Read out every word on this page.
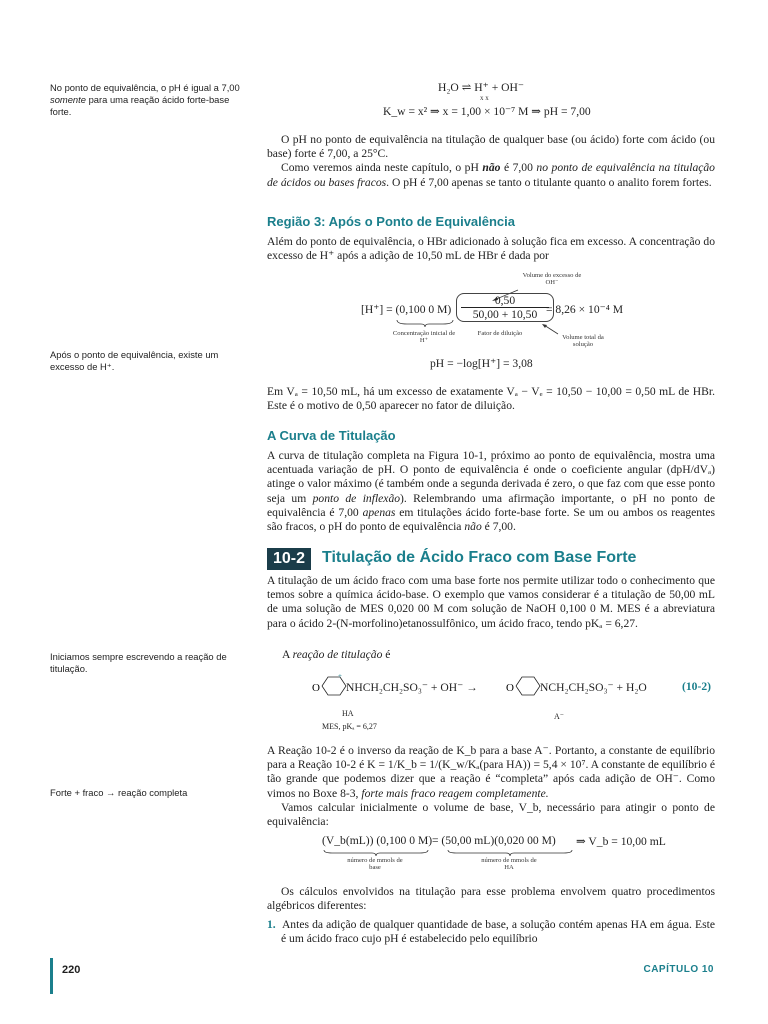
No ponto de equivalência, o pH é igual a 7,00 somente para uma reação ácido forte-base forte.
Após o ponto de equivalência, existe um excesso de H⁺.
Iniciamos sempre escrevendo a reação de titulação.
Forte + fraco → reação completa
H₂O ⇌ H⁺ + OH⁻
x x
K_w = x² ⇒ x = 1,00 × 10⁻⁷ M ⇒ pH = 7,00

O pH no ponto de equivalência na titulação de qualquer base (ou ácido) forte com ácido (ou base) forte é 7,00, a 25°C.

Como veremos ainda neste capítulo, o pH não é 7,00 no ponto de equivalência na titulação de ácidos ou bases fracos. O pH é 7,00 apenas se tanto o titulante quanto o analito forem fortes.

Região 3: Após o Ponto de Equivalência

Além do ponto de equivalência, o HBr adicionado à solução fica em excesso. A concentração do excesso de H⁺ após a adição de 10,50 mL de HBr é dada por

Volume do excesso de OH⁻
[H⁺] = (0,100 0 $M) \frac{0,50}{50,00 + 10,50}$
= 8,26 × 10⁻⁴ M
Concentração inicial de H⁺
Fator de diluição
Volume total da solução
pH = −log[H⁺] = 3,08

Em Vₐ = 10,50 mL, há um excesso de exatamente Vₐ − Vₑ = 10,50 − 10,00 = 0,50 mL de HBr. Este é o motivo de 0,50 aparecer no fator de diluição.

A Curva de Titulação

A curva de titulação completa na Figura 10-1, próximo ao ponto de equivalência, mostra uma acentuada variação de pH. O ponto de equivalência é onde o coeficiente angular (dpH/dVₐ) atinge o valor máximo (é também onde a segunda derivada é zero, o que faz com que esse ponto seja um ponto de inflexão). Relembrando uma afirmação importante, o pH no ponto de equivalência é 7,00 apenas em titulações ácido forte-base forte. Se um ou ambos os reagentes são fracos, o pH do ponto de equivalência não é 7,00.

10-2	Titulação de Ácido Fraco com Base Forte

A titulação de um ácido fraco com uma base forte nos permite utilizar todo o conhecimento que temos sobre a química ácido-base. O exemplo que vamos considerar é a titulação de 50,00 mL de uma solução de MES 0,020 00 M com solução de NaOH 0,100 0 M. MES é a abreviatura para o ácido 2-(N-morfolino)etanossulfônico, um ácido fraco, tendo pKₐ = 6,27.

A reação de titulação é

O
+
NHCH₂CH₂SO₃⁻ + OH⁻ →	O NCH₂CH₂SO₃⁻ + H₂O	(10-2)
HA
MES, pKₐ = 6,27
A⁻

A Reação 10-2 é o inverso da reação de K_b para a base A⁻. Portanto, a constante de equilíbrio para a Reação 10-2 é K = 1/K_b = 1/(K_w/Kₐ(para HA)) = 5,4 × 10⁷. A constante de equilíbrio é tão grande que podemos dizer que a reação é “completa” após cada adição de OH⁻. Como vimos no Boxe 8-3, forte mais fraco reagem completamente.

Vamos calcular inicialmente o volume de base, V_b, necessário para atingir o ponto de equivalência:

(V_b(mL)) (0,100 0 M) = (50,00 mL)(0,020 00 M) ⇒ V_b = 10,00 mL
número de mmols de base
número de mmols de HA

Os cálculos envolvidos na titulação para esse problema envolvem quatro procedimentos algébricos diferentes:

1. Antes da adição de qualquer quantidade de base, a solução contém apenas HA em água. Este é um ácido fraco cujo pH é estabelecido pelo equilíbrio

220	CAPÍTULO 10
